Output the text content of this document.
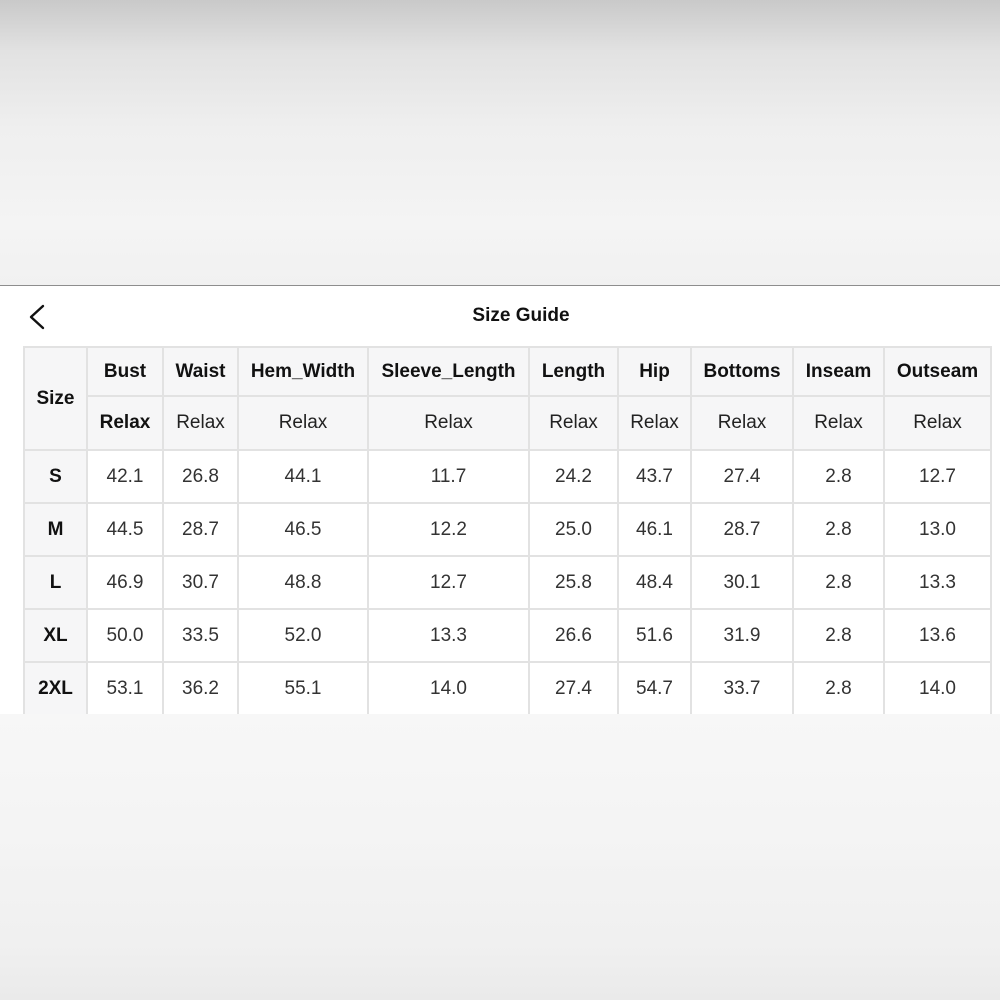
Size Guide
Size	Bust	Waist	Hem_Width	Sleeve_Length	Length	Hip	Bottoms	Inseam	Outseam
	Relax	Relax	Relax	Relax	Relax	Relax	Relax	Relax	Relax
S	42.1	26.8	44.1	11.7	24.2	43.7	27.4	2.8	12.7
M	44.5	28.7	46.5	12.2	25.0	46.1	28.7	2.8	13.0
L	46.9	30.7	48.8	12.7	25.8	48.4	30.1	2.8	13.3
XL	50.0	33.5	52.0	13.3	26.6	51.6	31.9	2.8	13.6
2XL	53.1	36.2	55.1	14.0	27.4	54.7	33.7	2.8	14.0
